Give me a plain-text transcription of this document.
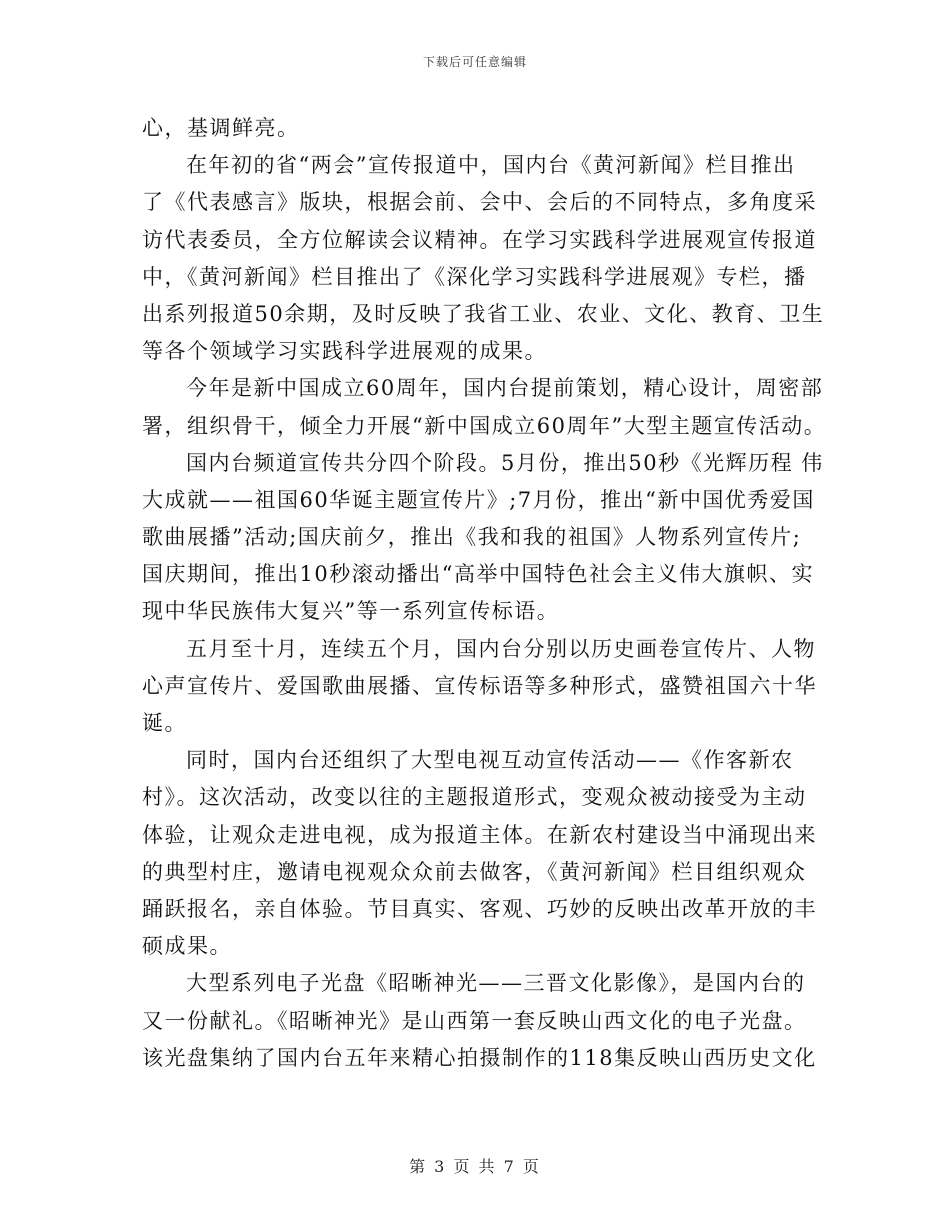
下载后可任意编辑
心，基调鲜亮。
在年初的省“两会”宣传报道中，国内台《黄河新闻》栏目推出
了《代表感言》版块，根据会前、会中、会后的不同特点，多角度采
访代表委员，全方位解读会议精神。在学习实践科学进展观宣传报道
中，《黄河新闻》栏目推出了《深化学习实践科学进展观》专栏，播
出系列报道50余期，及时反映了我省工业、农业、文化、教育、卫生
等各个领域学习实践科学进展观的成果。
今年是新中国成立60周年，国内台提前策划，精心设计，周密部
署，组织骨干，倾全力开展“新中国成立60周年”大型主题宣传活动。
国内台频道宣传共分四个阶段。5月份，推出50秒《光辉历程 伟
大成就——祖国60华诞主题宣传片》;7月份，推出“新中国优秀爱国
歌曲展播”活动;国庆前夕，推出《我和我的祖国》人物系列宣传片;
国庆期间，推出10秒滚动播出“高举中国特色社会主义伟大旗帜、实
现中华民族伟大复兴”等一系列宣传标语。
五月至十月，连续五个月，国内台分别以历史画卷宣传片、人物
心声宣传片、爱国歌曲展播、宣传标语等多种形式，盛赞祖国六十华
诞。
同时，国内台还组织了大型电视互动宣传活动——《作客新农
村》。这次活动，改变以往的主题报道形式，变观众被动接受为主动
体验，让观众走进电视，成为报道主体。在新农村建设当中涌现出来
的典型村庄，邀请电视观众众前去做客，《黄河新闻》栏目组织观众
踊跃报名，亲自体验。节目真实、客观、巧妙的反映出改革开放的丰
硕成果。
大型系列电子光盘《昭晰神光——三晋文化影像》，是国内台的
又一份献礼。《昭晰神光》是山西第一套反映山西文化的电子光盘。
该光盘集纳了国内台五年来精心拍摄制作的118集反映山西历史文化
第 3 页 共 7 页
